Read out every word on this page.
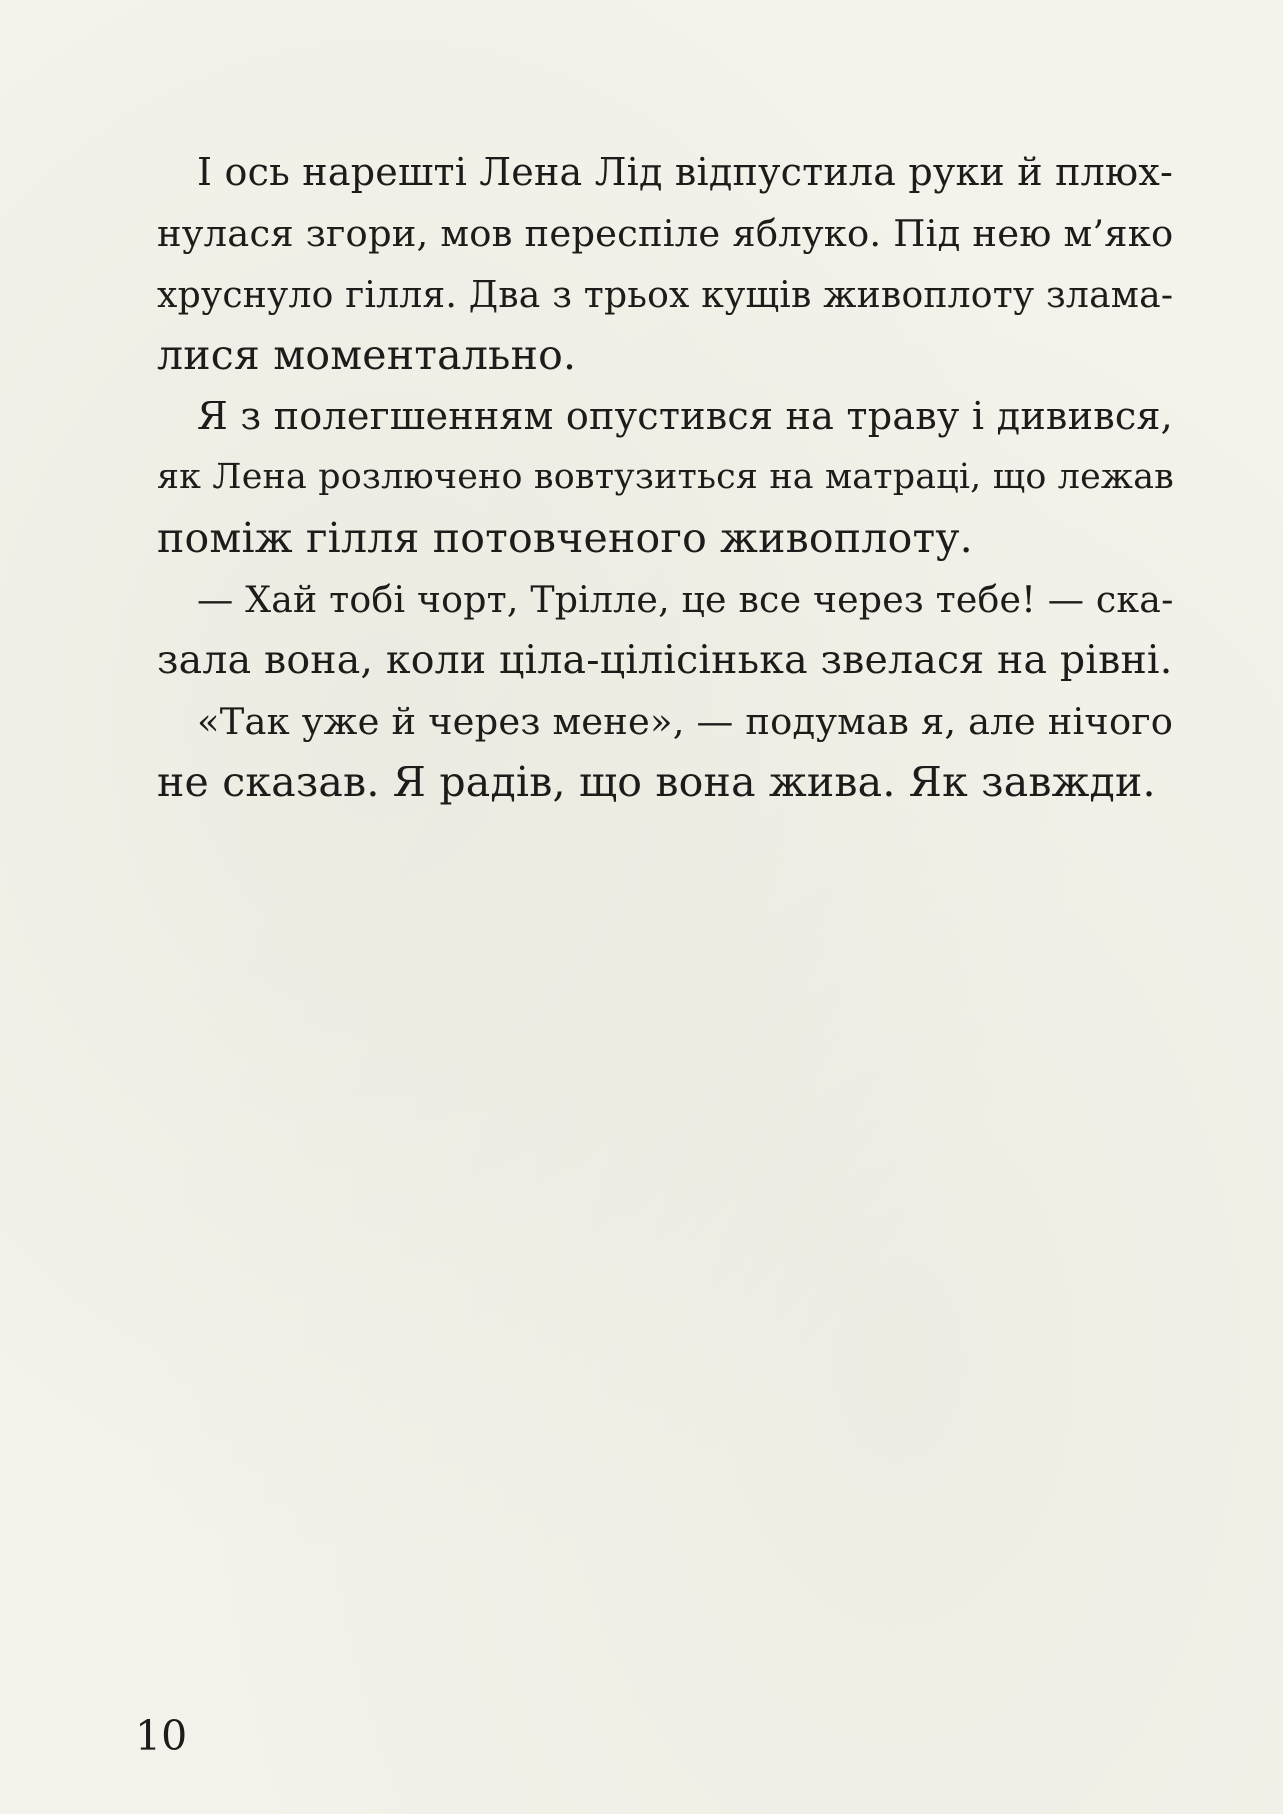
І ось нарешті Лена Лід відпустила руки й плюх-
нулася згори, мов переспіле яблуко. Під нею м’яко
хруснуло гілля. Два з трьох кущів живоплоту злама-
лися моментально.
Я з полегшенням опустився на траву і дивився,
як Лена розлючено вовтузиться на матраці, що лежав
поміж гілля потовченого живоплоту.
— Хай тобі чорт, Трілле, це все через тебе! — ска-
зала вона, коли ціла-цілісінька звелася на рівні.
«Так уже й через мене», — подумав я, але нічого
не сказав. Я радів, що вона жива. Як завжди.
10
